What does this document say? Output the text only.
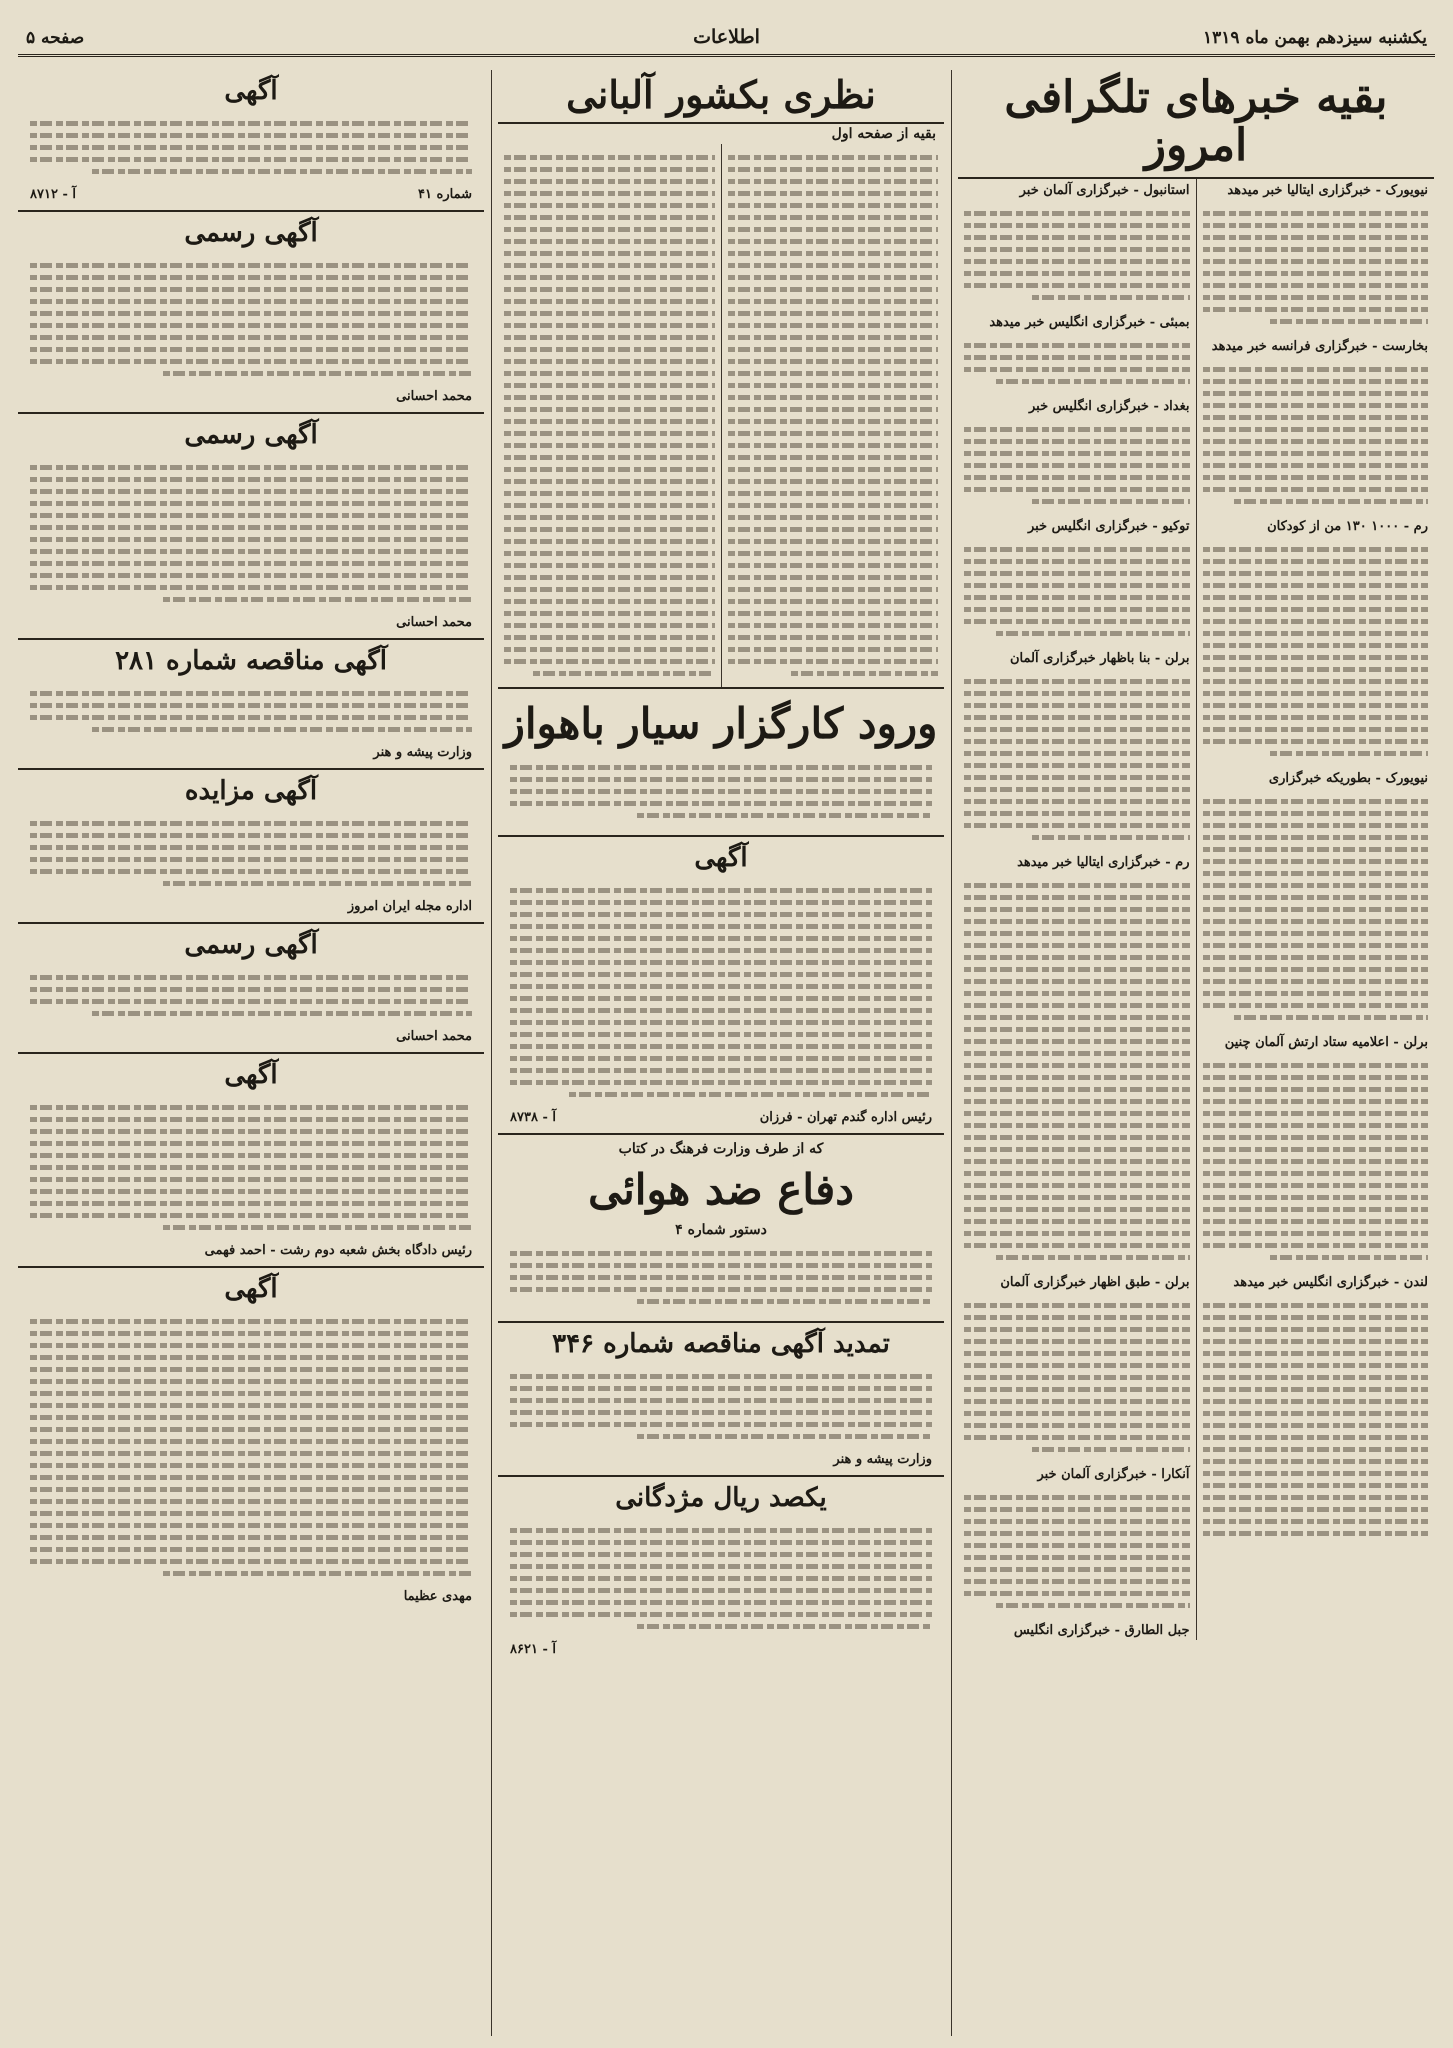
صفحه ۵	اطلاعات	یکشنبه سیزدهم بهمن ماه ۱۳۱۹
بقیه خبرهای تلگرافی امروز
نیویورک - خبرگزاری ایتالیا خبر میدهد
بخارست - خبرگزاری فرانسه خبر میدهد
رم - ۱۰۰۰ ۱۳۰ من از کودکان
نیویورک - بطوریکه خبرگزاری
برلن - اعلامیه ستاد ارتش آلمان چنین
لندن - خبرگزاری انگلیس خبر میدهد
استانبول - خبرگزاری آلمان خبر
بمبئی - خبرگزاری انگلیس خبر میدهد
بغداد - خبرگزاری انگلیس خبر
توکیو - خبرگزاری انگلیس خبر
برلن - بنا باظهار خبرگزاری آلمان
رم - خبرگزاری ایتالیا خبر میدهد
برلن - طبق اظهار خبرگزاری آلمان
آنکارا - خبرگزاری آلمان خبر
جبل الطارق - خبرگزاری انگلیس
نظری بکشور آلبانی
بقیه از صفحه اول
ورود کارگزار سیار باهواز
آگهی
رئیس اداره گندم تهران - فرزان
آ - ۸۷۳۸
که از طرف وزارت فرهنگ در کتاب
دفاع ضد هوائی
دستور شماره ۴
تمدید آگهی مناقصه شماره ۳۴۶
وزارت پیشه و هنر
یکصد ریال مژدگانی
آ - ۸۶۲۱
آگهی
شماره ۴۱
آ - ۸۷۱۲
آگهی رسمی
محمد احسانی
آگهی رسمی
محمد احسانی
آگهی مناقصه شماره ۲۸۱
وزارت پیشه و هنر
آگهی مزایده
اداره مجله ایران امروز
آگهی رسمی
محمد احسانی
آگهی
رئیس دادگاه بخش شعبه دوم رشت - احمد فهمی
آگهی
مهدی عظیما
